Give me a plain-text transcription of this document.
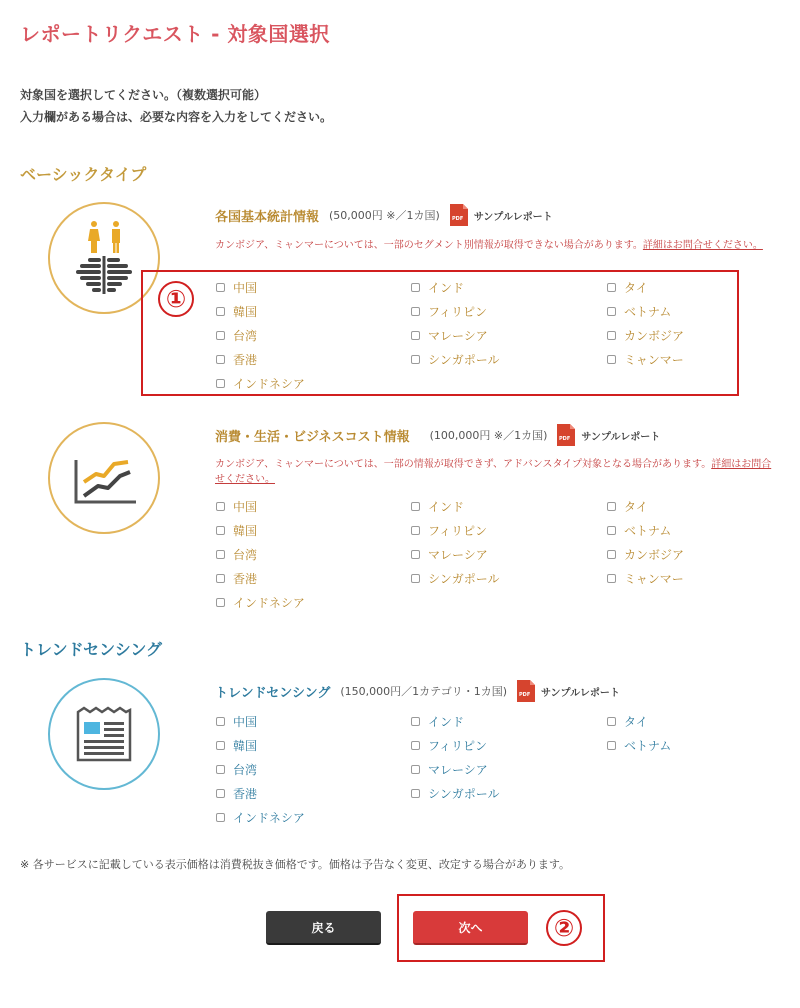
レポートリクエスト - 対象国選択
対象国を選択してください。（複数選択可能）
入力欄がある場合は、必要な内容を入力をしてください。
ベーシックタイプ
各国基本統計情報 (50,000円 ※／1カ国) PDF サンプルレポート
カンボジア、ミャンマーについては、一部のセグメント別情報が取得できない場合があります。詳細はお問合せください。
中国	インド	タイ
韓国	フィリピン	ベトナム
台湾	マレーシア	カンボジア
香港	シンガポール	ミャンマー
インドネシア
消費・生活・ビジネスコスト情報 (100,000円 ※／1カ国) PDF サンプルレポート
カンボジア、ミャンマーについては、一部の情報が取得できず、アドバンスタイプ対象となる場合があります。詳細はお問合せください。
中国	インド	タイ
韓国	フィリピン	ベトナム
台湾	マレーシア	カンボジア
香港	シンガポール	ミャンマー
インドネシア
トレンドセンシング
トレンドセンシング (150,000円／1カテゴリ・1カ国) PDF サンプルレポート
中国	インド	タイ
韓国	フィリピン	ベトナム
台湾	マレーシア
香港	シンガポール
インドネシア
①
※ 各サービスに記載している表示価格は消費税抜き価格です。価格は予告なく変更、改定する場合があります。
戻る	次へ	②
